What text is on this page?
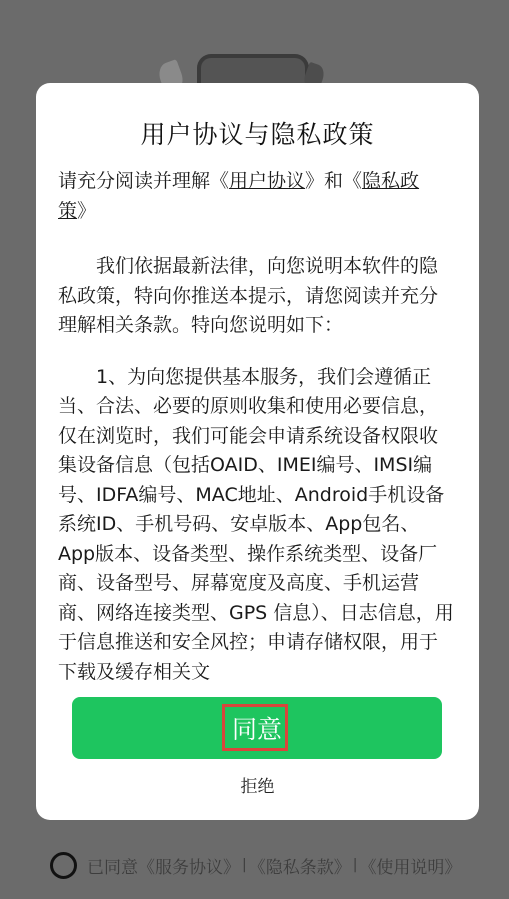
用户协议与隐私政策

请充分阅读并理解《用户协议》和《隐私政策》

我们依据最新法律，向您说明本软件的隐私政策，特向你推送本提示，请您阅读并充分理解相关条款。特向您说明如下：

1、为向您提供基本服务，我们会遵循正当、合法、必要的原则收集和使用必要信息，仅在浏览时，我们可能会申请系统设备权限收集设备信息（包括OAID、IMEI编号、IMSI编号、IDFA编号、MAC地址、Android手机设备系统ID、手机号码、安卓版本、App包名、App版本、设备类型、操作系统类型、设备厂商、设备型号、屏幕宽度及高度、手机运营商、网络连接类型、GPS 信息）、日志信息，用于信息推送和安全风控；申请存储权限，用于下载及缓存相关文

同意
拒绝
已同意 《服务协议》 | 《隐私条款》 | 《使用说明》
